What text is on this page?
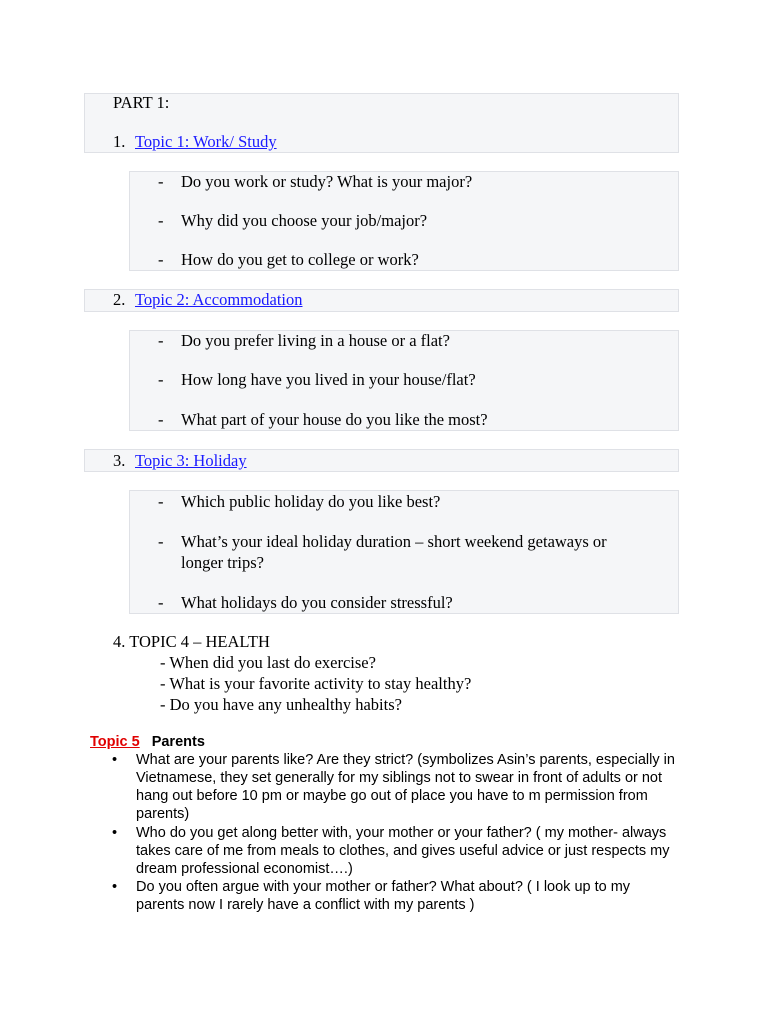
PART 1:
1. Topic 1: Work/ Study
- Do you work or study? What is your major?
- Why did you choose your job/major?
- How do you get to college or work?
2. Topic 2: Accommodation
- Do you prefer living in a house or a flat?
- How long have you lived in your house/flat?
- What part of your house do you like the most?
3. Topic 3: Holiday
- Which public holiday do you like best?
- What’s your ideal holiday duration – short weekend getaways or
longer trips?
- What holidays do you consider stressful?
4. TOPIC 4 – HEALTH
- When did you last do exercise?
- What is your favorite activity to stay healthy?
- Do you have any unhealthy habits?
Topic 5 Parents
• What are your parents like? Are they strict? (symbolizes Asin’s parents, especially in Vietnamese, they set generally for my siblings not to swear in front of adults or not hang out before 10 pm or maybe go out of place you have to m permission from parents)
• Who do you get along better with, your mother or your father? ( my mother- always takes care of me from meals to clothes, and gives useful advice or just respects my dream professional economist….)
• Do you often argue with your mother or father? What about? ( I look up to my parents now I rarely have a conflict with my parents )
